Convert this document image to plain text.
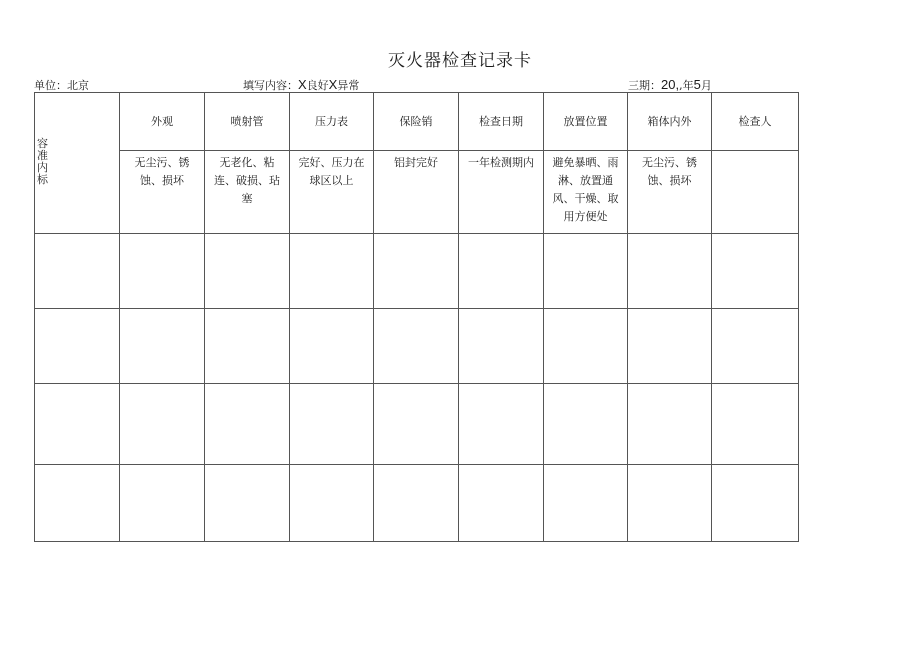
灭火器检查记录卡
单位：北京	填写内容：X良好X异常	三期：20,,年5月
容
准
内
标	外观	喷射管	压力表	保险销	检查日期	放置位置	箱体内外	检查人

	无尘污、锈蚀、损坏	无老化、粘连、破损、玷塞	完好、压力在球区以上	铝封完好	一年检测期内	避免暴晒、雨淋、放置通风、干燥、取用方便处	无尘污、锈蚀、损坏	
